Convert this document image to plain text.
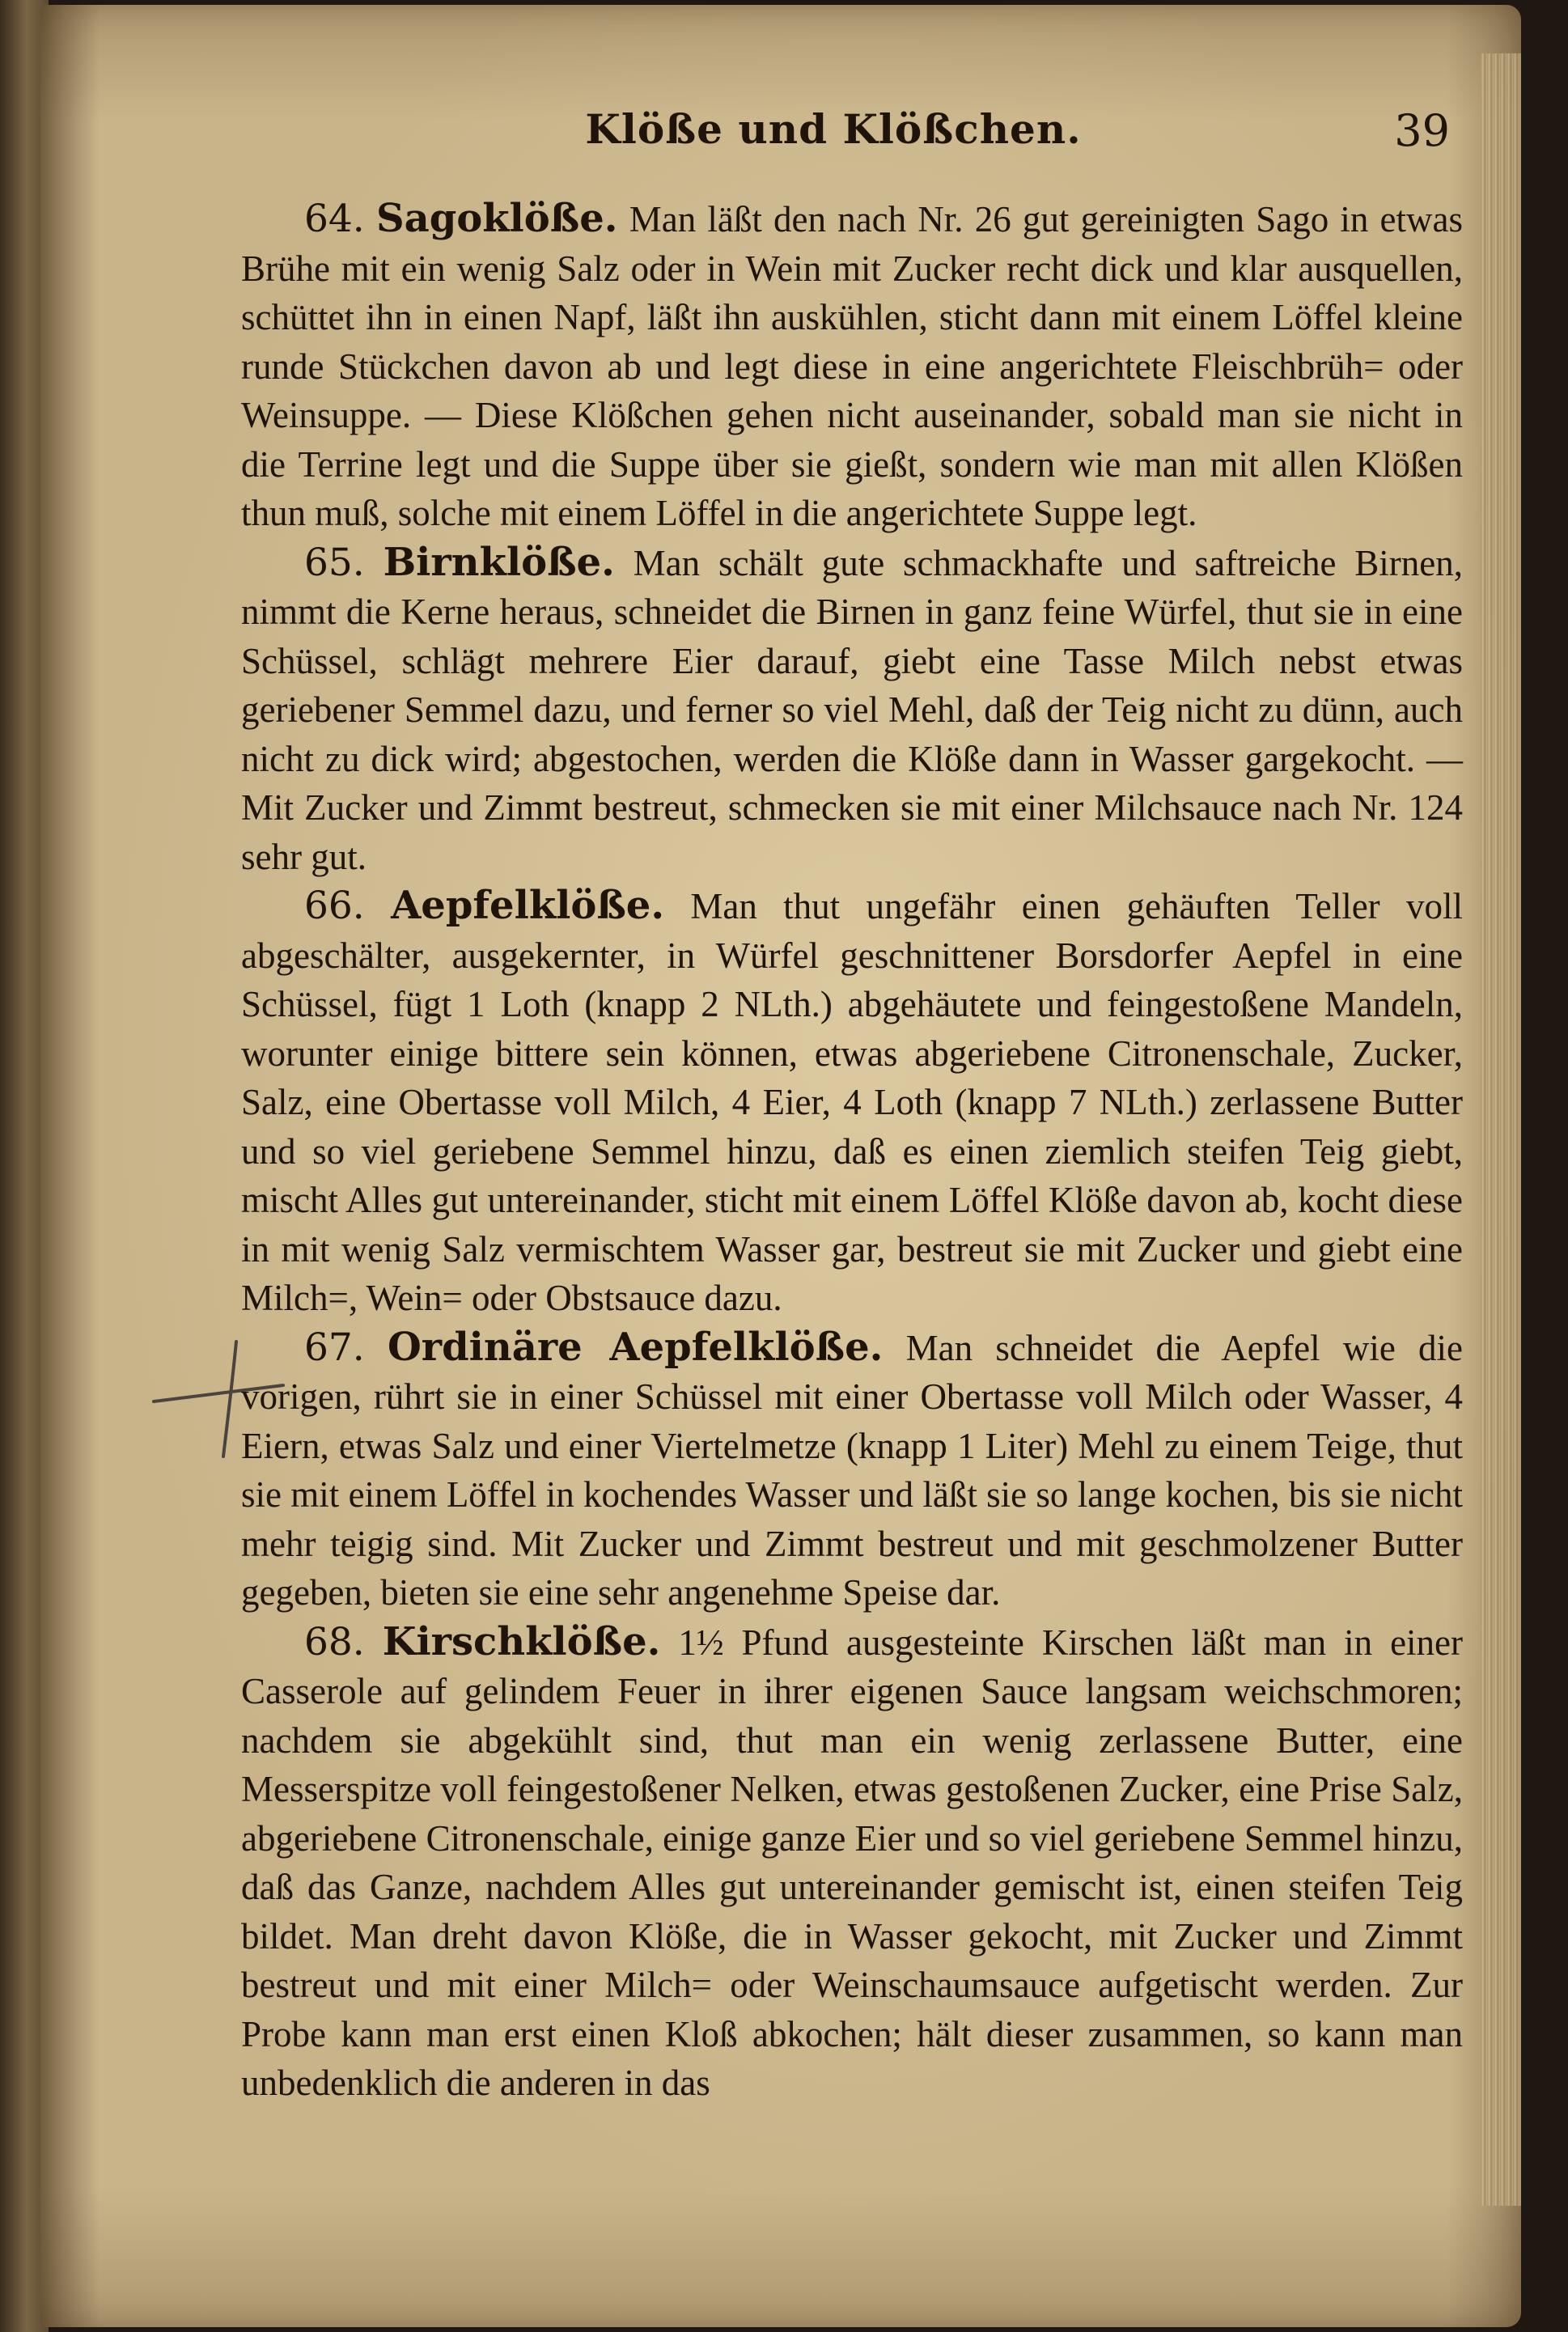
Klöße und Klößchen.	39

64. Sagoklöße. Man läßt den nach Nr. 26 gut gereinigten Sago in etwas Brühe mit ein wenig Salz oder in Wein mit Zucker recht dick und klar ausquellen, schüttet ihn in einen Napf, läßt ihn auskühlen, sticht dann mit einem Löffel kleine runde Stückchen davon ab und legt diese in eine angerichtete Fleischbrüh= oder Weinsuppe. — Diese Klößchen gehen nicht auseinander, sobald man sie nicht in die Terrine legt und die Suppe über sie gießt, sondern wie man mit allen Klößen thun muß, solche mit einem Löffel in die angerichtete Suppe legt.

65. Birnklöße. Man schält gute schmackhafte und saftreiche Birnen, nimmt die Kerne heraus, schneidet die Birnen in ganz feine Würfel, thut sie in eine Schüssel, schlägt mehrere Eier darauf, giebt eine Tasse Milch nebst etwas geriebener Semmel dazu, und ferner so viel Mehl, daß der Teig nicht zu dünn, auch nicht zu dick wird; abgestochen, werden die Klöße dann in Wasser gargekocht. — Mit Zucker und Zimmt bestreut, schmecken sie mit einer Milchsauce nach Nr. 124 sehr gut.

66. Aepfelklöße. Man thut ungefähr einen gehäuften Teller voll abgeschälter, ausgekernter, in Würfel geschnittener Borsdorfer Aepfel in eine Schüssel, fügt 1 Loth (knapp 2 NLth.) abgehäutete und feingestoßene Mandeln, worunter einige bittere sein können, etwas abgeriebene Citronenschale, Zucker, Salz, eine Obertasse voll Milch, 4 Eier, 4 Loth (knapp 7 NLth.) zerlassene Butter und so viel geriebene Semmel hinzu, daß es einen ziemlich steifen Teig giebt, mischt Alles gut untereinander, sticht mit einem Löffel Klöße davon ab, kocht diese in mit wenig Salz vermischtem Wasser gar, bestreut sie mit Zucker und giebt eine Milch=, Wein= oder Obstsauce dazu.

67. Ordinäre Aepfelklöße. Man schneidet die Aepfel wie die vorigen, rührt sie in einer Schüssel mit einer Obertasse voll Milch oder Wasser, 4 Eiern, etwas Salz und einer Viertelmetze (knapp 1 Liter) Mehl zu einem Teige, thut sie mit einem Löffel in kochendes Wasser und läßt sie so lange kochen, bis sie nicht mehr teigig sind. Mit Zucker und Zimmt bestreut und mit geschmolzener Butter gegeben, bieten sie eine sehr angenehme Speise dar.

68. Kirschklöße. 1½ Pfund ausgesteinte Kirschen läßt man in einer Casserole auf gelindem Feuer in ihrer eigenen Sauce langsam weichschmoren; nachdem sie abgekühlt sind, thut man ein wenig zerlassene Butter, eine Messerspitze voll feingestoßener Nelken, etwas gestoßenen Zucker, eine Prise Salz, abgeriebene Citronenschale, einige ganze Eier und so viel geriebene Semmel hinzu, daß das Ganze, nachdem Alles gut untereinander gemischt ist, einen steifen Teig bildet. Man dreht davon Klöße, die in Wasser gekocht, mit Zucker und Zimmt bestreut und mit einer Milch= oder Weinschaumsauce aufgetischt werden. Zur Probe kann man erst einen Kloß abkochen; hält dieser zusammen, so kann man unbedenklich die anderen in das
